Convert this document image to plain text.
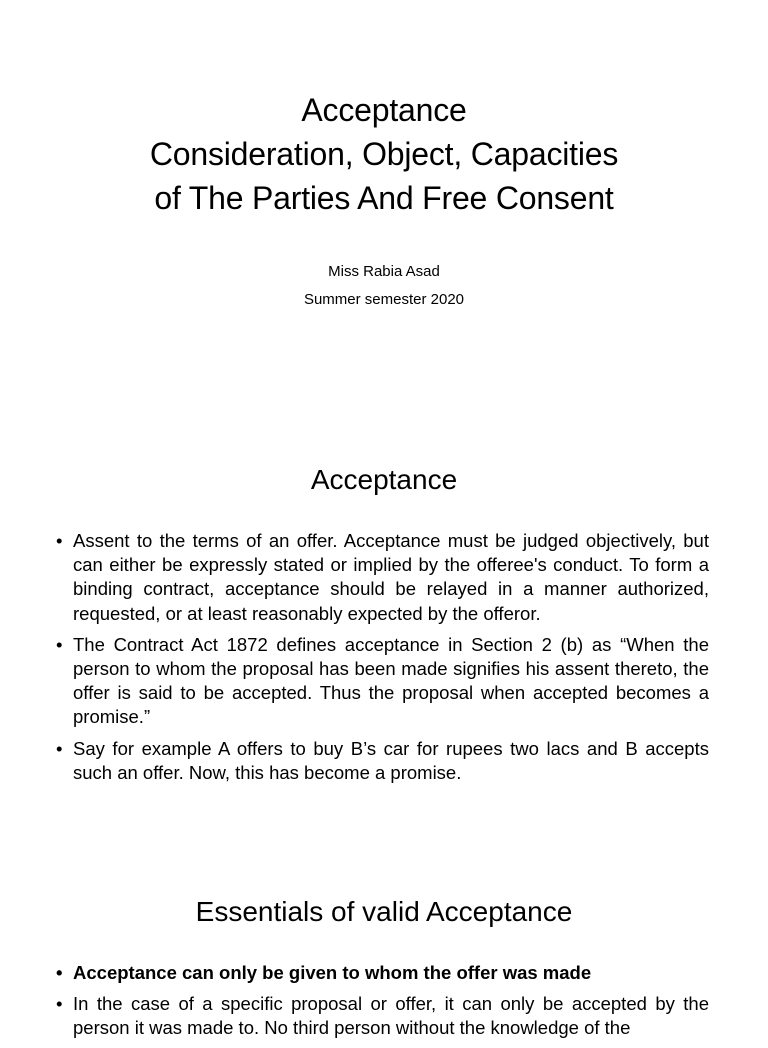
Acceptance
Consideration, Object, Capacities
of The Parties And Free Consent
Miss Rabia Asad
Summer semester 2020
Acceptance
• Assent to the terms of an offer. Acceptance must be judged objectively, but can either be expressly stated or implied by the offeree's conduct. To form a binding contract, acceptance should be relayed in a manner authorized, requested, or at least reasonably expected by the offeror.
• The Contract Act 1872 defines acceptance in Section 2 (b) as “When the person to whom the proposal has been made signifies his assent thereto, the offer is said to be accepted. Thus the proposal when accepted becomes a promise.”
• Say for example A offers to buy B’s car for rupees two lacs and B accepts such an offer. Now, this has become a promise.
Essentials of valid Acceptance
• Acceptance can only be given to whom the offer was made
• In the case of a specific proposal or offer, it can only be accepted by the person it was made to. No third person without the knowledge of the
